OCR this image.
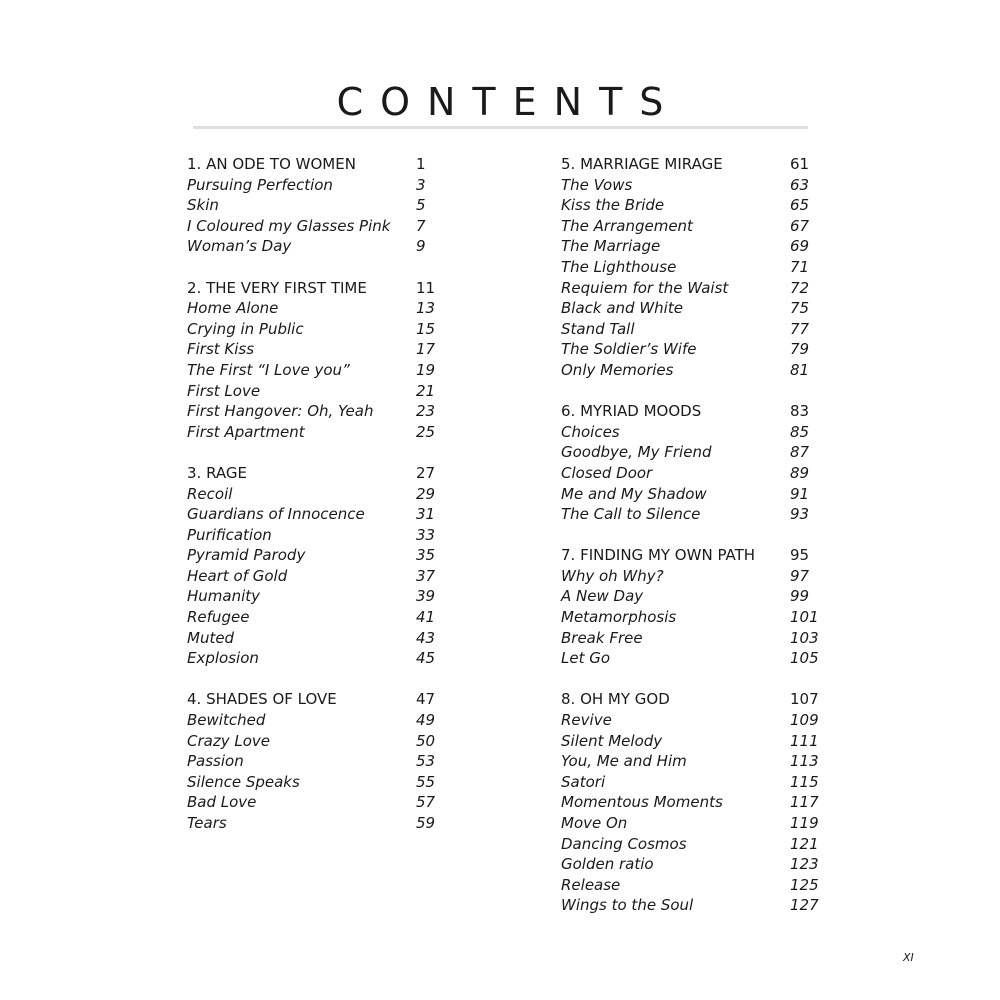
CONTENTS
1. AN ODE TO WOMEN	1
Pursuing Perfection	3
Skin	5
I Coloured my Glasses Pink	7
Woman’s Day	9
2. THE VERY FIRST TIME	11
Home Alone	13
Crying in Public	15
First Kiss	17
The First “I Love you”	19
First Love	21
First Hangover: Oh, Yeah	23
First Apartment	25
3. RAGE	27
Recoil	29
Guardians of Innocence	31
Purification	33
Pyramid Parody	35
Heart of Gold	37
Humanity	39
Refugee	41
Muted	43
Explosion	45
4. SHADES OF LOVE	47
Bewitched	49
Crazy Love	50
Passion	53
Silence Speaks	55
Bad Love	57
Tears	59
5. MARRIAGE MIRAGE	61
The Vows	63
Kiss the Bride	65
The Arrangement	67
The Marriage	69
The Lighthouse	71
Requiem for the Waist	72
Black and White	75
Stand Tall	77
The Soldier’s Wife	79
Only Memories	81
6. MYRIAD MOODS	83
Choices	85
Goodbye, My Friend	87
Closed Door	89
Me and My Shadow	91
The Call to Silence	93
7. FINDING MY OWN PATH	95
Why oh Why?	97
A New Day	99
Metamorphosis	101
Break Free	103
Let Go	105
8. OH MY GOD	107
Revive	109
Silent Melody	111
You, Me and Him	113
Satori	115
Momentous Moments	117
Move On	119
Dancing Cosmos	121
Golden ratio	123
Release	125
Wings to the Soul	127
XI
